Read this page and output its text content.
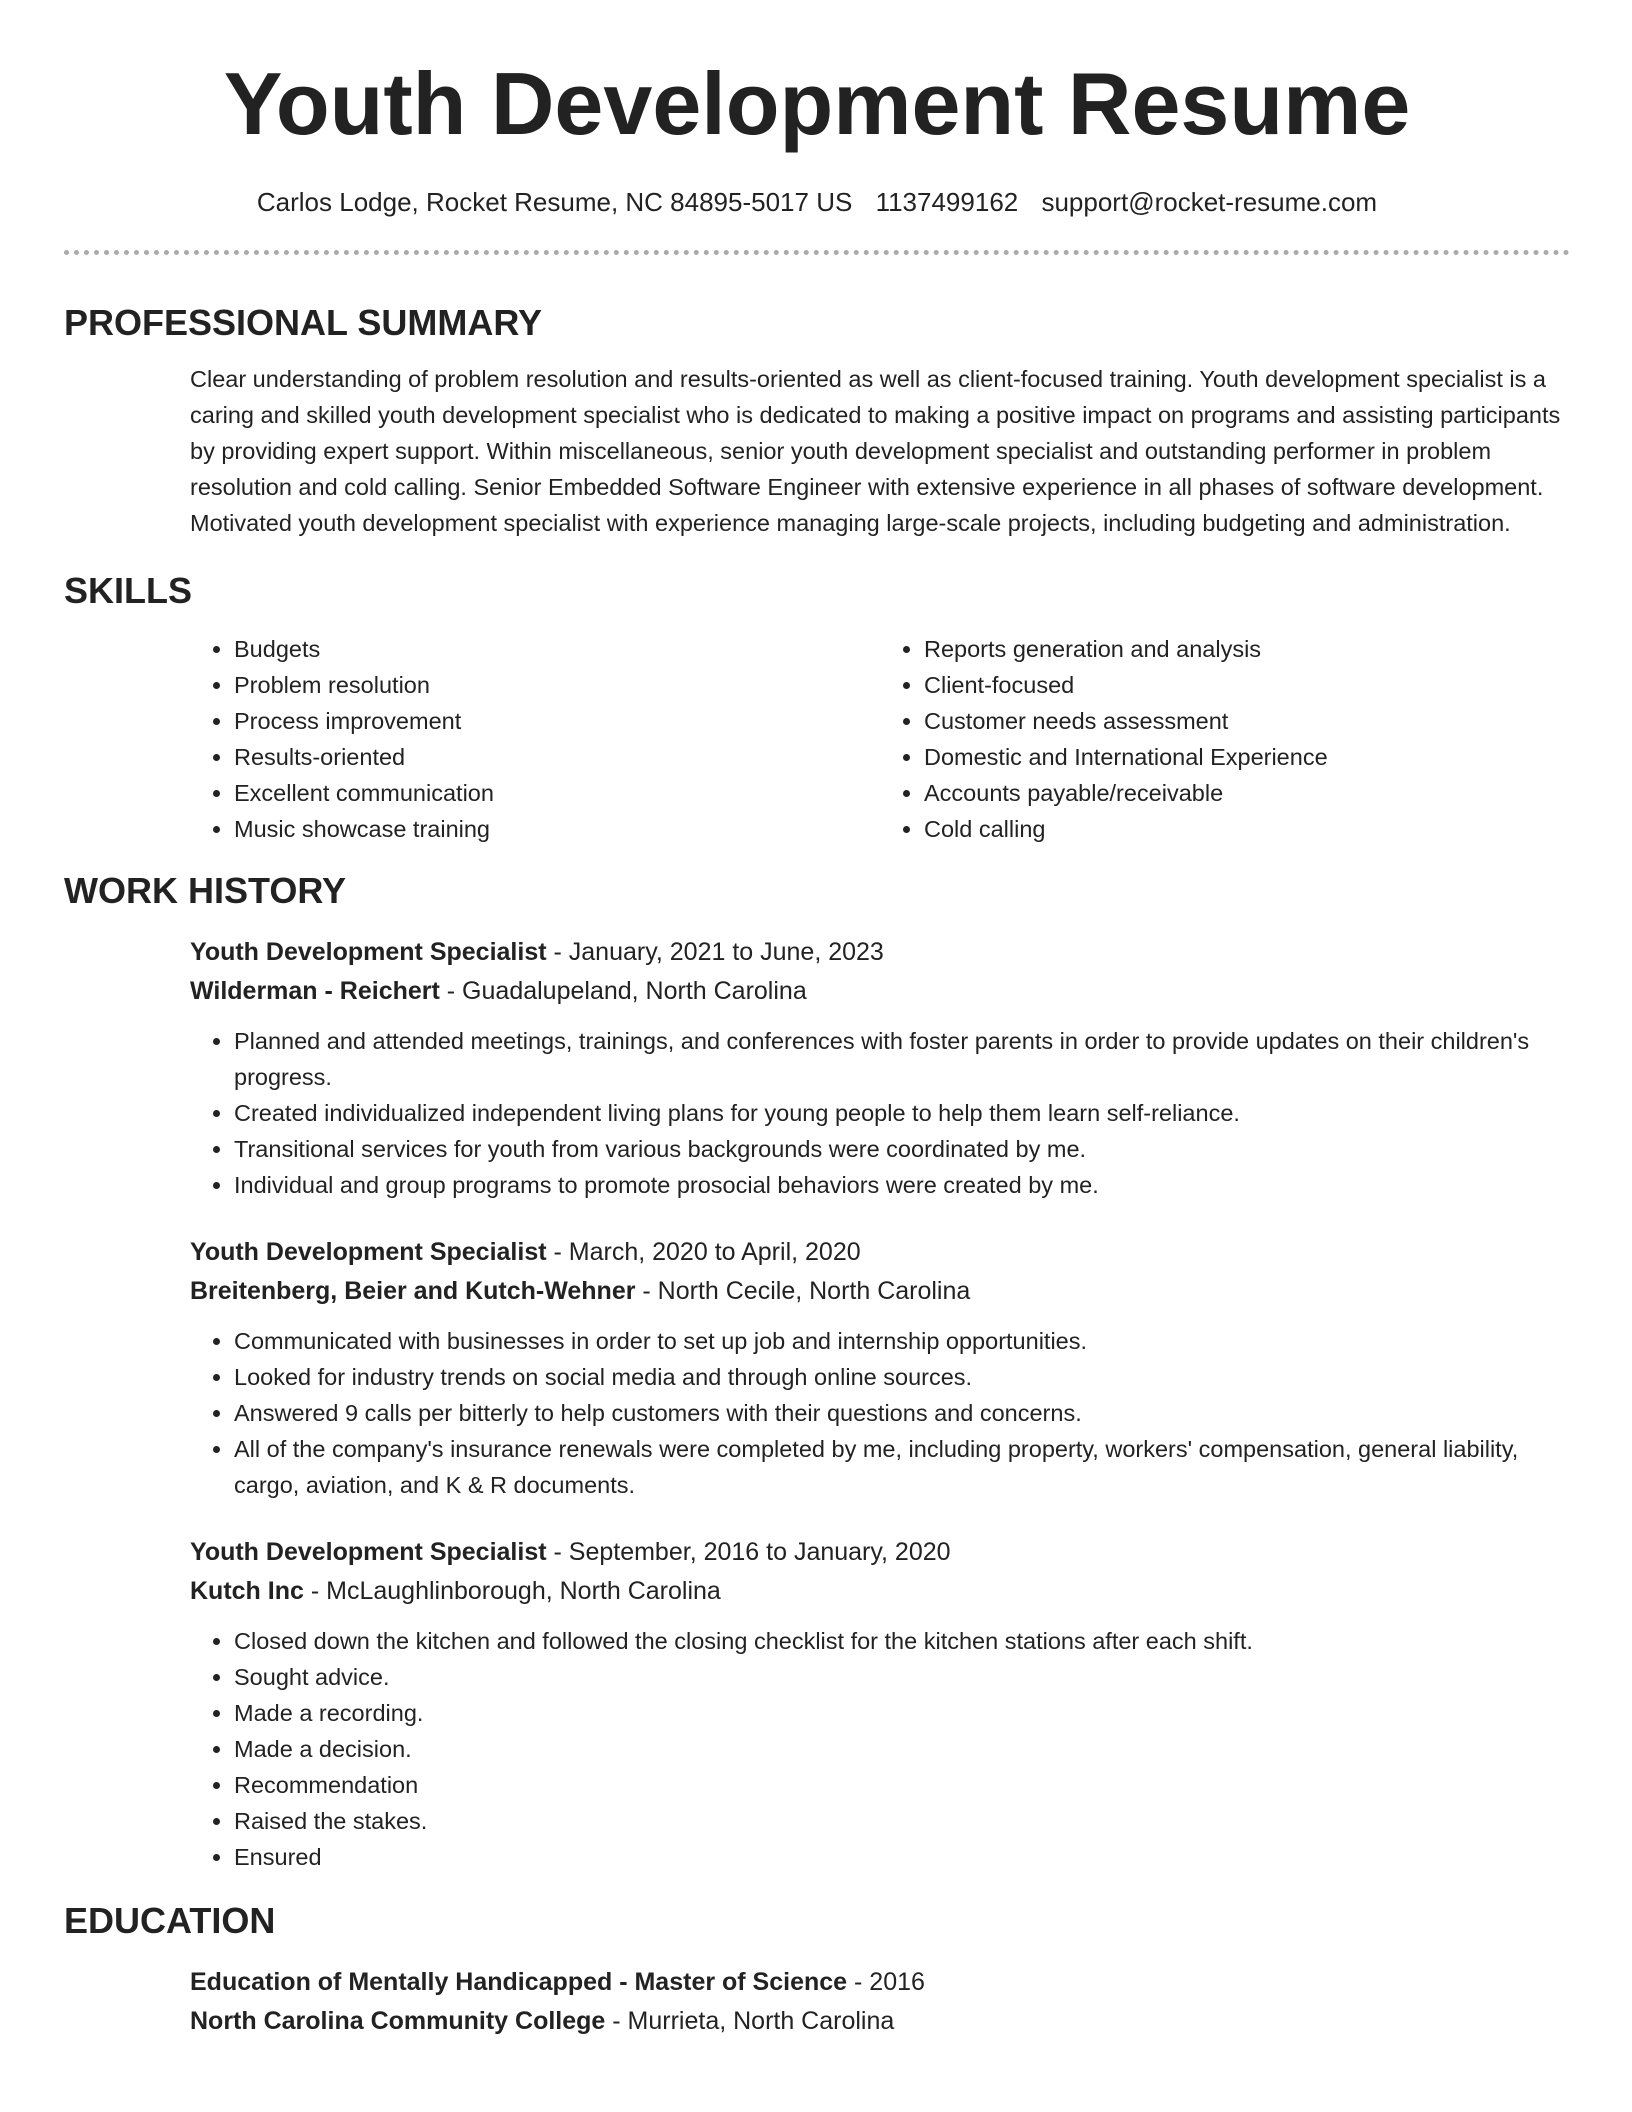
Youth Development Resume
Carlos Lodge, Rocket Resume, NC 84895-5017 US 1137499162 support@rocket-resume.com
PROFESSIONAL SUMMARY

Clear understanding of problem resolution and results-oriented as well as client-focused training. Youth development specialist is a caring and skilled youth development specialist who is dedicated to making a positive impact on programs and assisting participants by providing expert support. Within miscellaneous, senior youth development specialist and outstanding performer in problem resolution and cold calling. Senior Embedded Software Engineer with extensive experience in all phases of software development. Motivated youth development specialist with experience managing large-scale projects, including budgeting and administration.

SKILLS
• Budgets
• Problem resolution
• Process improvement
• Results-oriented
• Excellent communication
• Music showcase training
• Reports generation and analysis
• Client-focused
• Customer needs assessment
• Domestic and International Experience
• Accounts payable/receivable
• Cold calling
WORK HISTORY
Youth Development Specialist - January, 2021 to June, 2023
Wilderman - Reichert - Guadalupeland, North Carolina
• Planned and attended meetings, trainings, and conferences with foster parents in order to provide updates on their children's progress.
• Created individualized independent living plans for young people to help them learn self-reliance.
• Transitional services for youth from various backgrounds were coordinated by me.
• Individual and group programs to promote prosocial behaviors were created by me.
Youth Development Specialist - March, 2020 to April, 2020
Breitenberg, Beier and Kutch-Wehner - North Cecile, North Carolina
• Communicated with businesses in order to set up job and internship opportunities.
• Looked for industry trends on social media and through online sources.
• Answered 9 calls per bitterly to help customers with their questions and concerns.
• All of the company's insurance renewals were completed by me, including property, workers' compensation, general liability, cargo, aviation, and K & R documents.
Youth Development Specialist - September, 2016 to January, 2020
Kutch Inc - McLaughlinborough, North Carolina
• Closed down the kitchen and followed the closing checklist for the kitchen stations after each shift.
• Sought advice.
• Made a recording.
• Made a decision.
• Recommendation
• Raised the stakes.
• Ensured
EDUCATION
Education of Mentally Handicapped - Master of Science - 2016
North Carolina Community College - Murrieta, North Carolina
